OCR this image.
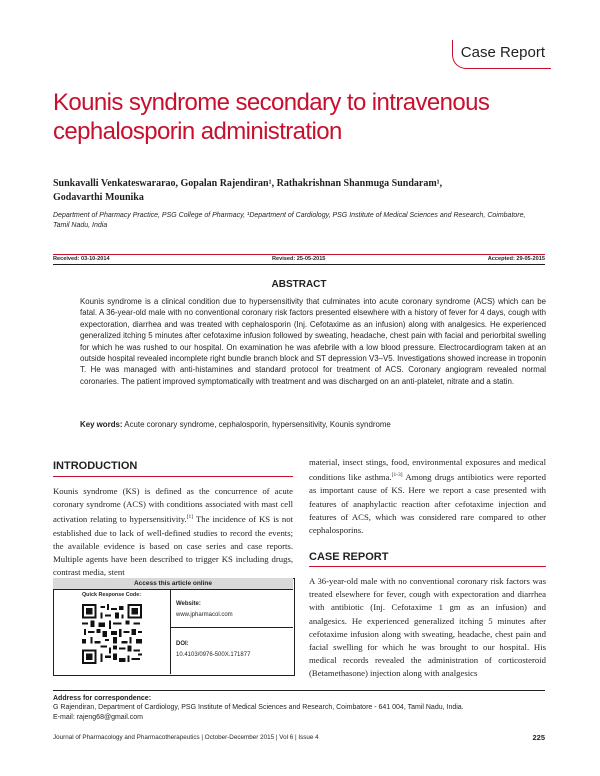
Case Report
Kounis syndrome secondary to intravenous cephalosporin administration
Sunkavalli Venkateswararao, Gopalan Rajendiran¹, Rathakrishnan Shanmuga Sundaram¹,
Godavarthi Mounika
Department of Pharmacy Practice, PSG College of Pharmacy, ¹Department of Cardiology, PSG Institute of Medical Sciences and Research, Coimbatore, Tamil Nadu, India
Received: 03-10-2014	Revised: 25-05-2015	Accepted: 29-05-2015
ABSTRACT
Kounis syndrome is a clinical condition due to hypersensitivity that culminates into acute coronary syndrome (ACS) which can be fatal. A 36-year-old male with no conventional coronary risk factors presented elsewhere with a history of fever for 4 days, cough with expectoration, diarrhea and was treated with cephalosporin (Inj. Cefotaxime as an infusion) along with analgesics. He experienced generalized itching 5 minutes after cefotaxime infusion followed by sweating, headache, chest pain with facial and periorbital swelling for which he was rushed to our hospital. On examination he was afebrile with a low blood pressure. Electrocardiogram taken at an outside hospital revealed incomplete right bundle branch block and ST depression V3–V5. Investigations showed increase in troponin T. He was managed with anti-histamines and standard protocol for treatment of ACS. Coronary angiogram revealed normal coronaries. The patient improved symptomatically with treatment and was discharged on an anti-platelet, nitrate and a statin.
Key words: Acute coronary syndrome, cephalosporin, hypersensitivity, Kounis syndrome
INTRODUCTION
Kounis syndrome (KS) is defined as the concurrence of acute coronary syndrome (ACS) with conditions associated with mast cell activation relating to hypersensitivity.[1] The incidence of KS is not established due to lack of well-defined studies to record the events; the available evidence is based on case series and case reports. Multiple agents have been described to trigger KS including drugs, contrast media, stent
Access this article online
Quick Response Code:
Website:
www.jpharmacol.com
DOI:
10.4103/0976-500X.171877
material, insect stings, food, environmental exposures and medical conditions like asthma.[1-3] Among drugs antibiotics were reported as important cause of KS. Here we report a case presented with features of anaphylactic reaction after cefotaxime injection and features of ACS, which was considered rare compared to other cephalosporins.
CASE REPORT
A 36-year-old male with no conventional coronary risk factors was treated elsewhere for fever, cough with expectoration and diarrhea with antibiotic (Inj. Cefotaxime 1 gm as an infusion) and analgesics. He experienced generalized itching 5 minutes after cefotaxime infusion along with sweating, headache, chest pain and facial swelling for which he was brought to our hospital. His medical records revealed the administration of corticosteroid (Betamethasone) injection along with analgesics
Address for correspondence:
G Rajendiran, Department of Cardiology, PSG Institute of Medical Sciences and Research, Coimbatore - 641 004, Tamil Nadu, India.
E-mail: rajeng68@gmail.com
Journal of Pharmacology and Pharmacotherapeutics | October-December 2015 | Vol 6 | Issue 4	225
